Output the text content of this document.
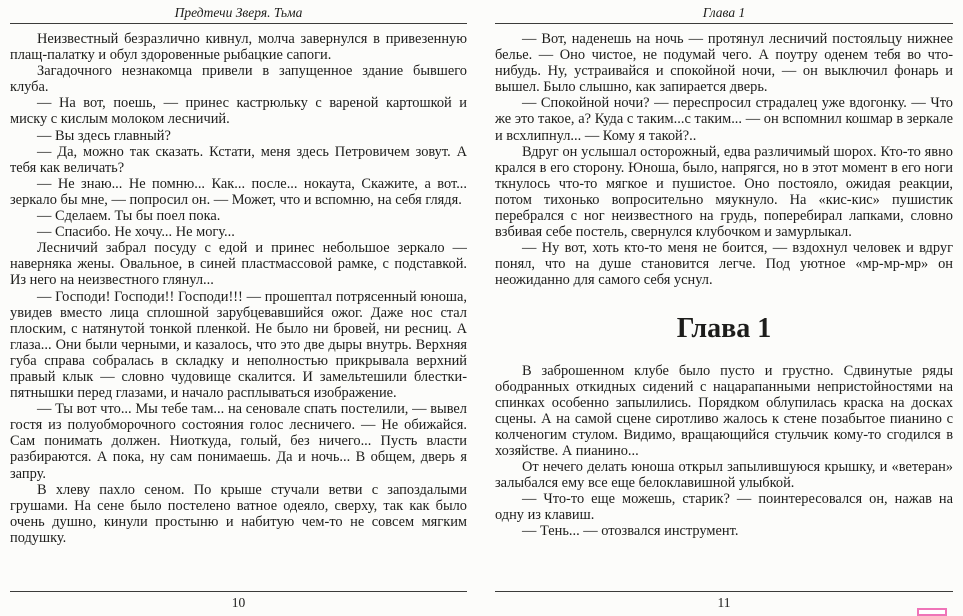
Предтечи Зверя. Тьма

Неизвестный безразлично кивнул, молча завернулся в привезенную плащ-палатку и обул здоровенные рыбацкие сапоги.

Загадочного незнакомца привели в запущенное здание бывшего клуба.

— На вот, поешь, — принес кастрюльку с вареной картошкой и миску с кислым молоком лесничий.

— Вы здесь главный?

— Да, можно так сказать. Кстати, меня здесь Петровичем зовут. А тебя как величать?

— Не знаю... Не помню... Как... после... нокаута, Скажите, а вот... зеркало бы мне, — попросил он. — Может, что и вспомню, на себя глядя.

— Сделаем. Ты бы поел пока.

— Спасибо. Не хочу... Не могу...

Лесничий забрал посуду с едой и принес небольшое зеркало — наверняка жены. Овальное, в синей пластмассовой рамке, с подставкой. Из него на неизвестного глянул...

— Господи! Господи!! Господи!!! — прошептал потрясенный юноша, увидев вместо лица сплошной зарубцевавшийся ожог. Даже нос стал плоским, с натянутой тонкой пленкой. Не было ни бровей, ни ресниц. А глаза... Они были черными, и казалось, что это две дыры внутрь. Верхняя губа справа собралась в складку и неполностью прикрывала верхний правый клык — словно чудовище скалится. И замельтешили блестки-пятнышки перед глазами, и начало расплываться изображение.

— Ты вот что... Мы тебе там... на сеновале спать постелили, — вывел гостя из полуобморочного состояния голос лесничего. — Не обижайся. Сам понимать должен. Ниоткуда, голый, без ничего... Пусть власти разбираются. А пока, ну сам понимаешь. Да и ночь... В общем, дверь я запру.

В хлеву пахло сеном. По крыше стучали ветви с запоздалыми грушами. На сене было постелено ватное одеяло, сверху, так как было очень душно, кинули простыню и набитую чем-то не совсем мягким подушку.

10
Глава 1

— Вот, наденешь на ночь — протянул лесничий постояльцу нижнее белье. — Оно чистое, не подумай чего. А поутру оденем тебя во что-нибудь. Ну, устраивайся и спокойной ночи, — он выключил фонарь и вышел. Было слышно, как запирается дверь.

— Спокойной ночи? — переспросил страдалец уже вдогонку. — Что же это такое, а? Куда с таким...с таким... — он вспомнил кошмар в зеркале и всхлипнул... — Кому я такой?..

Вдруг он услышал осторожный, едва различимый шорох. Кто-то явно крался в его сторону. Юноша, было, напрягся, но в этот момент в его ноги ткнулось что-то мягкое и пушистое. Оно постояло, ожидая реакции, потом тихонько вопросительно мяукнуло. На «кис-кис» пушистик перебрался с ног неизвестного на грудь, поперебирал лапками, словно взбивая себе постель, свернулся клубочком и замурлыкал.

— Ну вот, хоть кто-то меня не боится, — вздохнул человек и вдруг понял, что на душе становится легче. Под уютное «мр-мр-мр» он неожиданно для самого себя уснул.

Глава 1

В заброшенном клубе было пусто и грустно. Сдвинутые ряды ободранных откидных сидений с нацарапанными непристойностями на спинках особенно запылились. Порядком облупилась краска на досках сцены. А на самой сцене сиротливо жалось к стене позабытое пианино с колченогим стулом. Видимо, вращающийся стульчик кому-то сгодился в хозяйстве. А пианино...

От нечего делать юноша открыл запылившуюся крышку, и «ветеран» залыбался ему все еще белоклавишной улыбкой.

— Что-то еще можешь, старик? — поинтересовался он, нажав на одну из клавиш.

— Тень... — отозвался инструмент.

11
